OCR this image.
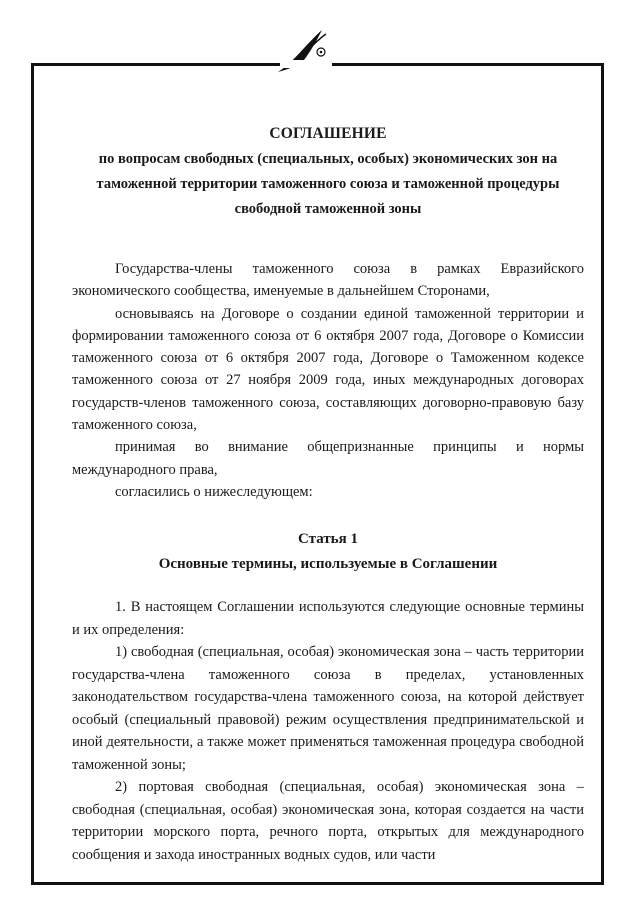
СОГЛАШЕНИЕ

по вопросам свободных (специальных, особых) экономических зон на

таможенной территории таможенного союза и таможенной процедуры

свободной таможенной зоны

Государства-члены таможенного союза в рамках Евразийского экономического сообщества, именуемые в дальнейшем Сторонами,

основываясь на Договоре о создании единой таможенной территории и формировании таможенного союза от 6 октября 2007 года, Договоре о Комиссии таможенного союза от 6 октября 2007 года, Договоре о Таможенном кодексе таможенного союза от 27 ноября 2009 года, иных международных договорах государств-членов таможенного союза, составляющих договорно-правовую базу таможенного союза,

принимая во внимание общепризнанные принципы и нормы международного права,

согласились о нижеследующем:

Статья 1
Основные термины, используемые в Соглашении

1. В настоящем Соглашении используются следующие основные термины и их определения:

1) свободная (специальная, особая) экономическая зона – часть территории государства-члена таможенного союза в пределах, установленных законодательством государства-члена таможенного союза, на которой действует особый (специальный правовой) режим осуществления предпринимательской и иной деятельности, а также может применяться таможенная процедура свободной таможенной зоны;

2) портовая свободная (специальная, особая) экономическая зона – свободная (специальная, особая) экономическая зона, которая создается на части территории морского порта, речного порта, открытых для международного сообщения и захода иностранных водных судов, или части
